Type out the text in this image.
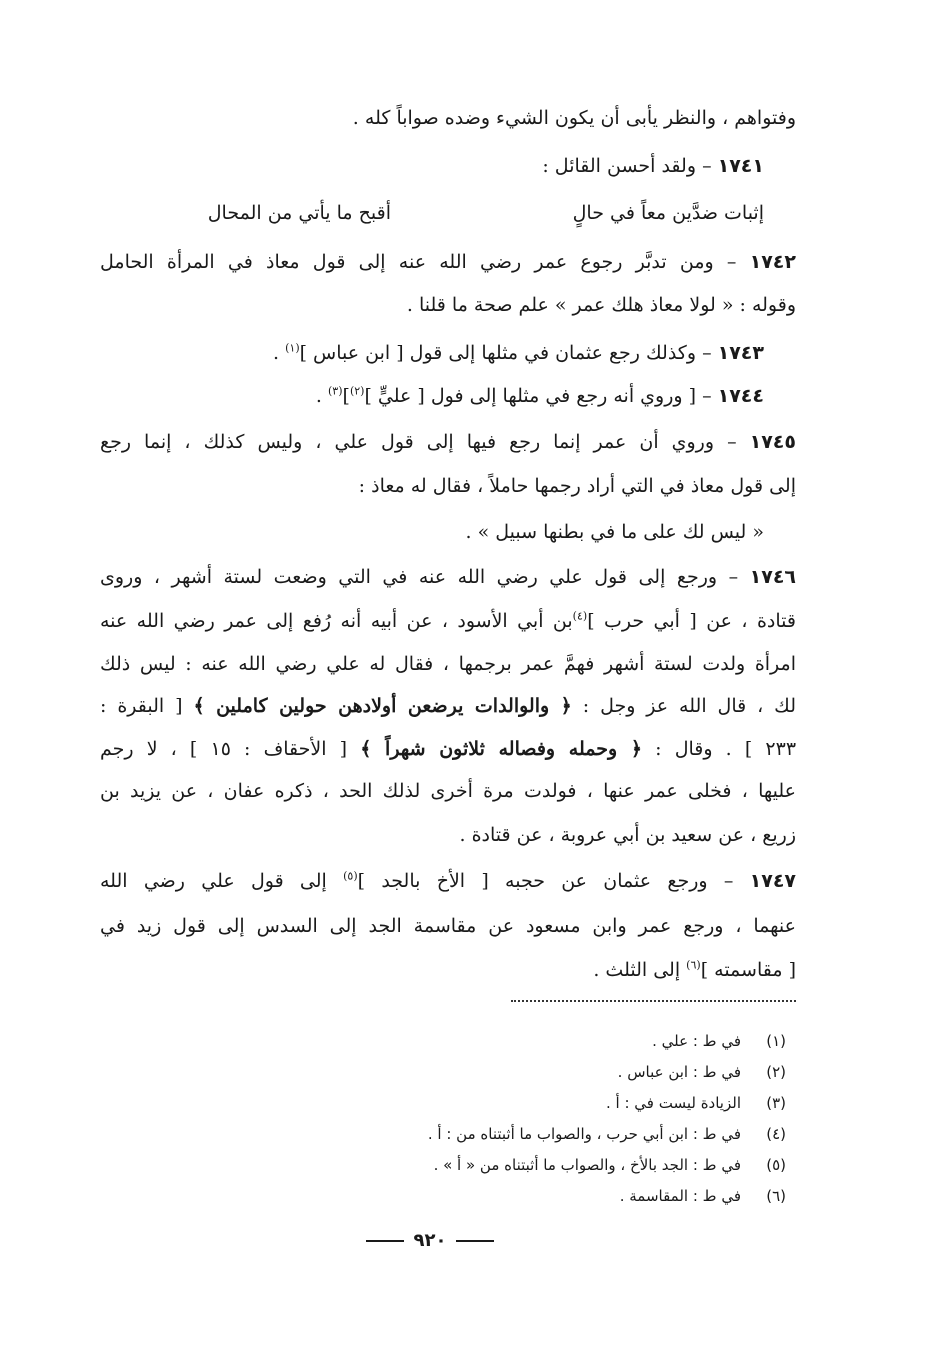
وفتواهم ، والنظر يأبى أن يكون الشيء وضده صواباً كله .
١٧٤١ – ولقد أحسن القائل :
إثبات ضدَّين معاً في حالٍ
أقبح ما يأتي من المحال
١٧٤٢ – ومن تدبَّر رجوع عمر رضي الله عنه إلى قول معاذ في المرأة الحامل
وقوله : « لولا معاذ هلك عمر » علم صحة ما قلنا .
١٧٤٣ – وكذلك رجع عثمان في مثلها إلى قول [ ابن عباس ]$^{(١)}$ .
١٧٤٤ – [ وروي أنه رجع في مثلها إلى فول [ عليٍّ ]$^{(٢)}$]$^{(٣)}$ .
١٧٤٥ – وروي أن عمر إنما رجع فيها إلى قول علي ، وليس كذلك ، إنما رجع
إلى قول معاذ في التي أراد رجمها حاملاً ، فقال له معاذ :
« ليس لك على ما في بطنها سبيل » .
١٧٤٦ – ورجع إلى قول علي رضي الله عنه في التي وضعت لستة أشهر ، وروى
قتادة ، عن [ أبي حرب ]$^{(٤)}$بن أبي الأسود ، عن أبيه أنه رُفع إلى عمر رضي الله عنه
امرأة ولدت لستة أشهر فهمَّ عمر برجمها ، فقال له علي رضي الله عنه : ليس ذلك
لك ، قال الله عز وجل : ﴿ والوالدات يرضعن أولادهن حولين كاملين ﴾ [ البقرة :
٢٣٣ ] . وقال : ﴿ وحمله وفصاله ثلاثون شهراً ﴾ [ الأحقاف : ١٥ ] ، لا رجم
عليها ، فخلى عمر عنها ، فولدت مرة أخرى لذلك الحد ، ذكره عفان ، عن يزيد بن
زريع ، عن سعيد بن أبي عروبة ، عن قتادة .
١٧٤٧ – ورجع عثمان عن حجبه [ الأخ بالجد ]$^{(٥)}$ إلى قول علي رضي الله
عنهما ، ورجع عمر وابن مسعود عن مقاسمة الجد إلى السدس إلى قول زيد في
[ مقاسمته ]$^{(٦)}$ إلى الثلث .
(١)في ط : علي .
(٢)في ط : ابن عباس .
(٣)الزيادة ليست في : أ .
(٤)في ط : ابن أبي حرب ، والصواب ما أثبتناه من : أ .
(٥)في ط : الجد بالأخ ، والصواب ما أثبتناه من « أ » .
(٦)في ط : المقاسمة .
٩٢٠
